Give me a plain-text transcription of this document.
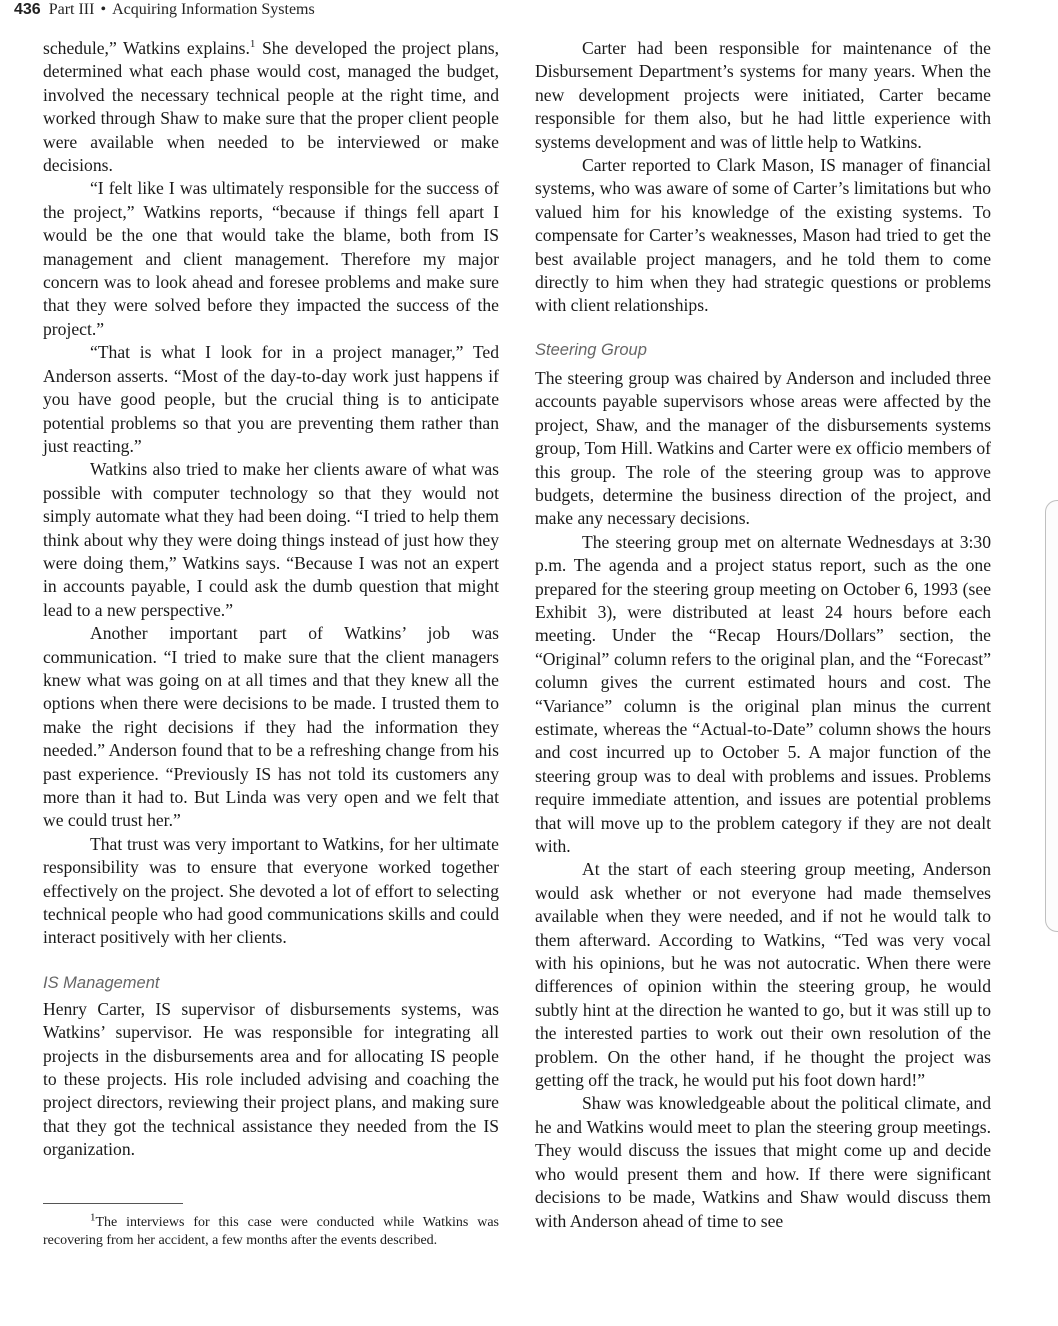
436 Part III • Acquiring Information Systems

schedule,” Watkins explains.$^1$ She developed the project plans, determined what each phase would cost, managed the budget, involved the necessary technical people at the right time, and worked through Shaw to make sure that the proper client people were available when needed to be interviewed or make decisions.

“I felt like I was ultimately responsible for the success of the project,” Watkins reports, “because if things fell apart I would be the one that would take the blame, both from IS management and client management. Therefore my major concern was to look ahead and foresee problems and make sure that they were solved before they impacted the success of the project.”

“That is what I look for in a project manager,” Ted Anderson asserts. “Most of the day-to-day work just happens if you have good people, but the crucial thing is to anticipate potential problems so that you are preventing them rather than just reacting.”

Watkins also tried to make her clients aware of what was possible with computer technology so that they would not simply automate what they had been doing. “I tried to help them think about why they were doing things instead of just how they were doing them,” Watkins says. “Because I was not an expert in accounts payable, I could ask the dumb question that might lead to a new perspective.”

Another important part of Watkins’ job was communication. “I tried to make sure that the client managers knew what was going on at all times and that they knew all the options when there were decisions to be made. I trusted them to make the right decisions if they had the information they needed.” Anderson found that to be a refreshing change from his past experience. “Previously IS has not told its customers any more than it had to. But Linda was very open and we felt that we could trust her.”

That trust was very important to Watkins, for her ultimate responsibility was to ensure that everyone worked together effectively on the project. She devoted a lot of effort to selecting technical people who had good communications skills and could interact positively with her clients.

IS Management

Henry Carter, IS supervisor of disbursements systems, was Watkins’ supervisor. He was responsible for integrating all projects in the disbursements area and for allocating IS people to these projects. His role included advising and coaching the project directors, reviewing their project plans, and making sure that they got the technical assistance they needed from the IS organization.

$^1$The interviews for this case were conducted while Watkins was recovering from her accident, a few months after the events described.

Carter had been responsible for maintenance of the Disbursement Department’s systems for many years. When the new development projects were initiated, Carter became responsible for them also, but he had little experience with systems development and was of little help to Watkins.

Carter reported to Clark Mason, IS manager of financial systems, who was aware of some of Carter’s limitations but who valued him for his knowledge of the existing systems. To compensate for Carter’s weaknesses, Mason had tried to get the best available project managers, and he told them to come directly to him when they had strategic questions or problems with client relationships.

Steering Group

The steering group was chaired by Anderson and included three accounts payable supervisors whose areas were affected by the project, Shaw, and the manager of the disbursements systems group, Tom Hill. Watkins and Carter were ex officio members of this group. The role of the steering group was to approve budgets, determine the business direction of the project, and make any necessary decisions.

The steering group met on alternate Wednesdays at 3:30 p.m. The agenda and a project status report, such as the one prepared for the steering group meeting on October 6, 1993 (see Exhibit 3), were distributed at least 24 hours before each meeting. Under the “Recap Hours/Dollars” section, the “Original” column refers to the original plan, and the “Forecast” column gives the current estimated hours and cost. The “Variance” column is the original plan minus the current estimate, whereas the “Actual-to-Date” column shows the hours and cost incurred up to October 5. A major function of the steering group was to deal with problems and issues. Problems require immediate attention, and issues are potential problems that will move up to the problem category if they are not dealt with.

At the start of each steering group meeting, Anderson would ask whether or not everyone had made themselves available when they were needed, and if not he would talk to them afterward. According to Watkins, “Ted was very vocal with his opinions, but he was not autocratic. When there were differences of opinion within the steering group, he would subtly hint at the direction he wanted to go, but it was still up to the interested parties to work out their own resolution of the problem. On the other hand, if he thought the project was getting off the track, he would put his foot down hard!”

Shaw was knowledgeable about the political climate, and he and Watkins would meet to plan the steering group meetings. They would discuss the issues that might come up and decide who would present them and how. If there were significant decisions to be made, Watkins and Shaw would discuss them with Anderson ahead of time to see
